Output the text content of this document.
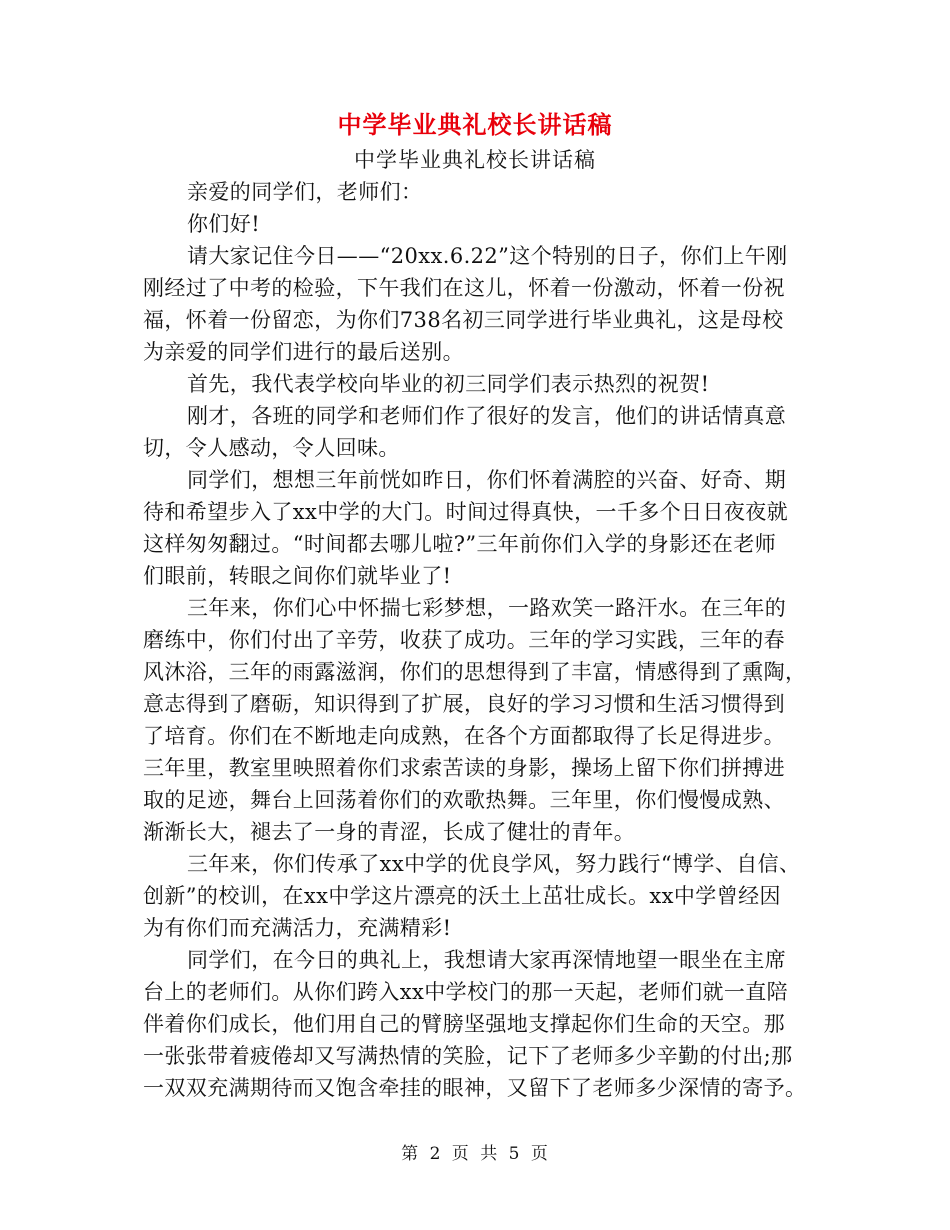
中学毕业典礼校长讲话稿
中学毕业典礼校长讲话稿
亲爱的同学们，老师们：
你们好!
请大家记住今日——“20xx.6.22”这个特别的日子，你们上午刚
刚经过了中考的检验，下午我们在这儿，怀着一份激动，怀着一份祝
福，怀着一份留恋，为你们738名初三同学进行毕业典礼，这是母校
为亲爱的同学们进行的最后送别。
首先，我代表学校向毕业的初三同学们表示热烈的祝贺!
刚才，各班的同学和老师们作了很好的发言，他们的讲话情真意
切，令人感动，令人回味。
同学们，想想三年前恍如昨日，你们怀着满腔的兴奋、好奇、期
待和希望步入了xx中学的大门。时间过得真快，一千多个日日夜夜就
这样匆匆翻过。“时间都去哪儿啦?”三年前你们入学的身影还在老师
们眼前，转眼之间你们就毕业了!
三年来，你们心中怀揣七彩梦想，一路欢笑一路汗水。在三年的
磨练中，你们付出了辛劳，收获了成功。三年的学习实践，三年的春
风沐浴，三年的雨露滋润，你们的思想得到了丰富，情感得到了熏陶，
意志得到了磨砺，知识得到了扩展，良好的学习习惯和生活习惯得到
了培育。你们在不断地走向成熟，在各个方面都取得了长足得进步。
三年里，教室里映照着你们求索苦读的身影，操场上留下你们拼搏进
取的足迹，舞台上回荡着你们的欢歌热舞。三年里，你们慢慢成熟、
渐渐长大，褪去了一身的青涩，长成了健壮的青年。
三年来，你们传承了xx中学的优良学风，努力践行“博学、自信、
创新”的校训，在xx中学这片漂亮的沃土上茁壮成长。xx中学曾经因
为有你们而充满活力，充满精彩!
同学们，在今日的典礼上，我想请大家再深情地望一眼坐在主席
台上的老师们。从你们跨入xx中学校门的那一天起，老师们就一直陪
伴着你们成长，他们用自己的臂膀坚强地支撑起你们生命的天空。那
一张张带着疲倦却又写满热情的笑脸，记下了老师多少辛勤的付出;那
一双双充满期待而又饱含牵挂的眼神，又留下了老师多少深情的寄予。
第 2 页 共 5 页
